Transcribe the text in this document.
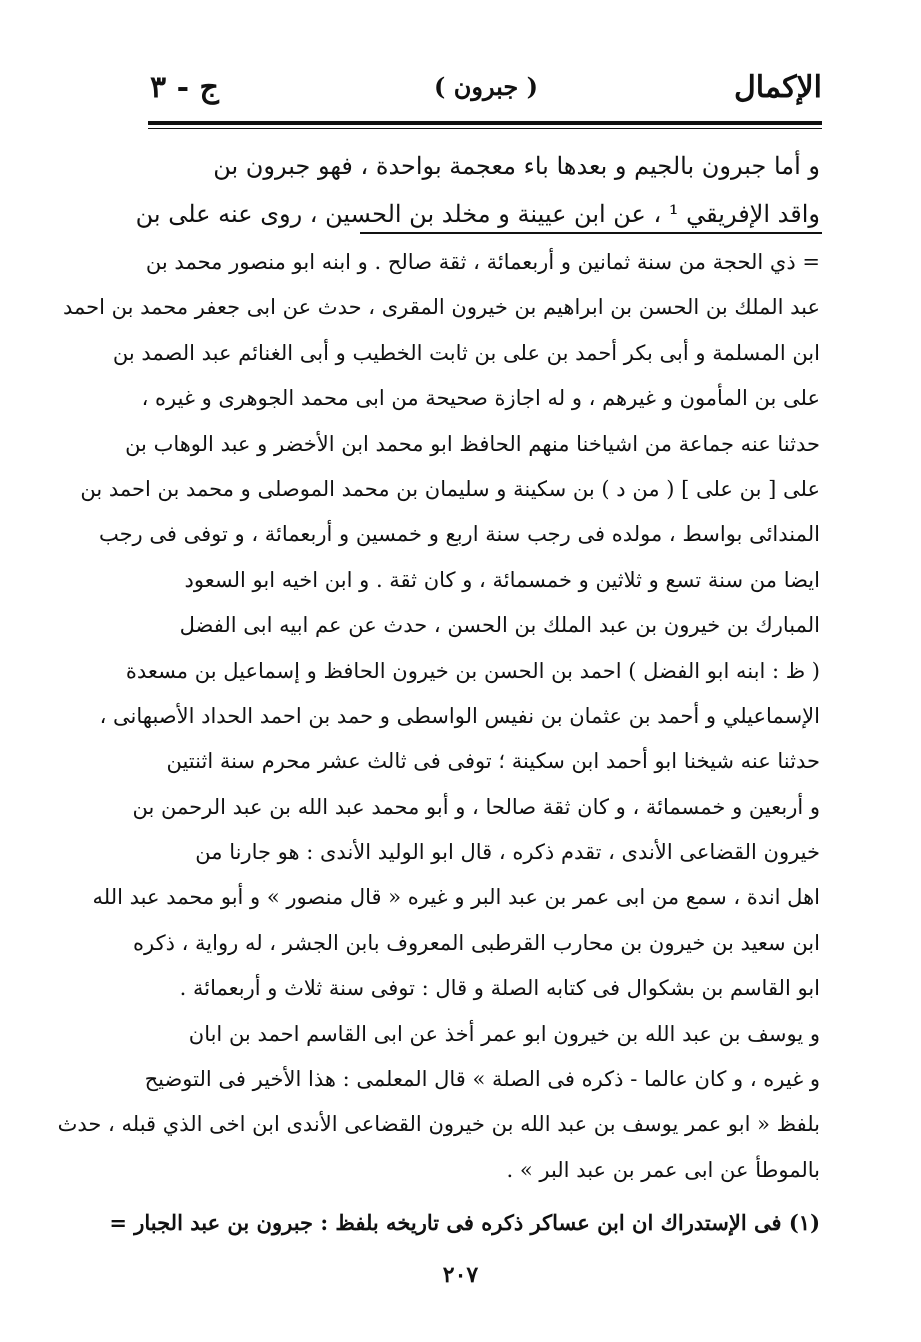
الإكمال
( جبرون )
ج - ٣
و أما جبرون بالجيم و بعدها باء معجمة بواحدة ، فهو جبرون بن
واقد الإفريقي ¹ ، عن ابن عيينة و مخلد بن الحسين ، روى عنه على بن
= ذي الحجة من سنة ثمانين و أربعمائة ، ثقة صالح . و ابنه ابو منصور محمد بن
عبد الملك بن الحسن بن ابراهيم بن خيرون المقرى ، حدث عن ابى جعفر محمد بن احمد
ابن المسلمة و أبى بكر أحمد بن على بن ثابت الخطيب و أبى الغنائم عبد الصمد بن
على بن المأمون و غيرهم ، و له اجازة صحيحة من ابى محمد الجوهرى و غيره ،
حدثنا عنه جماعة من اشياخنا منهم الحافظ ابو محمد ابن الأخضر و عبد الوهاب بن
على [ بن على ] ( من د ) بن سكينة و سليمان بن محمد الموصلى و محمد بن احمد بن
المندائى بواسط ، مولده فى رجب سنة اربع و خمسين و أربعمائة ، و توفى فى رجب
ايضا من سنة تسع و ثلاثين و خمسمائة ، و كان ثقة . و ابن اخيه ابو السعود
المبارك بن خيرون بن عبد الملك بن الحسن ، حدث عن عم ابيه ابى الفضل
( ظ : ابنه ابو الفضل ) احمد بن الحسن بن خيرون الحافظ و إسماعيل بن مسعدة
الإسماعيلي و أحمد بن عثمان بن نفيس الواسطى و حمد بن احمد الحداد الأصبهانى ،
حدثنا عنه شيخنا ابو أحمد ابن سكينة ؛ توفى فى ثالث عشر محرم سنة اثنتين
و أربعين و خمسمائة ، و كان ثقة صالحا ، و أبو محمد عبد الله بن عبد الرحمن بن
خيرون القضاعى الأندى ، تقدم ذكره ، قال ابو الوليد الأندى : هو جارنا من
اهل اندة ، سمع من ابى عمر بن عبد البر و غيره « قال منصور » و أبو محمد عبد الله
ابن سعيد بن خيرون بن محارب القرطبى المعروف بابن الجشر ، له رواية ، ذكره
ابو القاسم بن بشكوال فى كتابه الصلة و قال : توفى سنة ثلاث و أربعمائة .
و يوسف بن عبد الله بن خيرون ابو عمر أخذ عن ابى القاسم احمد بن ابان
و غيره ، و كان عالما - ذكره فى الصلة » قال المعلمى : هذا الأخير فى التوضيح
بلفظ « ابو عمر يوسف بن عبد الله بن خيرون القضاعى الأندى ابن اخى الذي قبله ، حدث
بالموطأ عن ابى عمر بن عبد البر » .
(١) فى الإستدراك ان ابن عساكر ذكره فى تاريخه بلفظ : جبرون بن عبد الجبار =
٢٠٧
